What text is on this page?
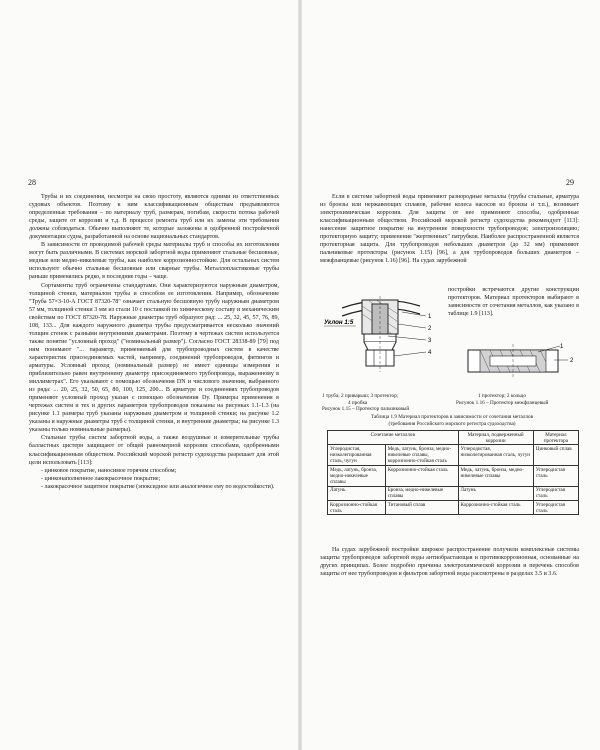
28

Трубы и их соединения, несмотря на свою простоту, являются одними из ответственных судовых объектов. Поэтому к ним классификационным обществам предъявляются определенные требования – по материалу труб, размерам, погибам, скорости потока рабочей среды, защите от коррозии и т.д. В процессе ремонта труб или их замены эти требования должны соблюдаться. Обычно выполняют те, которые заложены в одобренной постройечной документации судна, разработанной на основе национальных стандартов.

В зависимости от проводимой рабочей среды материалы труб и способы их изготовления могут быть различными. В системах морской забортной воды применяют стальные бесшовные, медные или медно-никелевые трубы, как наиболее коррозионностойкие. Для остальных систем используют обычно стальные бесшовные или сварные трубы. Металлопластиковые трубы раньше применялись редко, в последние годы – чаще.

Сортаменты труб ограничены стандартами. Они характеризуются наружным диаметром, толщиной стенки, материалом трубы и способом ее изготовления. Например, обозначение "Труба 57×3-10-А ГОСТ 87320-78" означает стальную бесшовную трубу наружным диаметром 57 мм, толщиной стенки 3 мм из стали 10 с поставкой по химическому составу и механическим свойствам по ГОСТ 87320-78. Наружные диаметры труб образуют ряд: ... 25, 32, 45, 57, 76, 89, 108, 133... Для каждого наружного диаметра трубы предусматривается несколько значений толщин стенок с разными внутренними диаметрами. Поэтому в чертежах систем используется также понятие "условный проход" ("номинальный размер"). Согласно ГОСТ 28338-89 [79] под ним понимают "... параметр, применяемый для трубопроводных систем в качестве характеристик присоединяемых частей, например, соединений трубопроводов, фитингов и арматуры. Условный проход (номинальный размер) не имеет единицы измерения и приблизительно равен внутреннему диаметру присоединяемого трубопровода, выраженному в миллиметрах". Его указывают с помощью обозначения DN и числового значения, выбранного из ряда: ... 20, 25, 32, 50, 65, 80, 100, 125, 200... В арматуре и соединениях трубопроводов применяют условный проход указан с помощью обозначения Dу. Примеры применения в чертежах систем и тех и других параметров трубопроводов показаны на рисунках 1.1-1.3 (на рисунке 1.1 размеры труб указаны наружным диаметром и толщиной стенки; на рисунке 1.2 указаны и наружные диаметры труб с толщиной стенки, и внутренние диаметры; на рисунке 1.3 указаны только номинальные размеры).

Стальные трубы систем забортной воды, а также воздушные и измерительные трубы балластных цистерн защищают от общей равномерной коррозии способами, одобренными классификационным обществом. Российский морской регистр судоходства разрешает для этой цели использовать [113]:

- цинковое покрытие, наносимое горячим способом;
- цинконаполненное лакокрасочное покрытие;
- лакокрасочное защитное покрытие (эпоксидное или аналогичное ему по водостойкости).
29

Если в системе забортной воды применяют разнородные металлы (трубы стальные, арматура из бронзы или нержавеющих сплавов, рабочие колеса насосов из бронзы и т.п.), возникает электрохимическая коррозия. Для защиты от нее применяют способы, одобренные классификационным обществом. Российский морской регистр судоходства рекомендует [113]: нанесение защитное покрытие на внутренние поверхности трубопроводов; электроизоляцию; протекторную защиту; применение "жертвенных" патрубков. Наиболее распространенной является протекторная защита. Для трубопроводов небольших диаметров (до 32 мм) применяют пальчиковые протекторы (рисунок 1.15) [96], а для трубопроводов больших диаметров – межфланцевые (рисунок 1.16) [96]. На судах зарубежной

1
2
3
4
Уклон 1:5

постройки встречаются другие конструкции протекторов. Материал протекторов выбирают в зависимости от сочетания металлов, как указано в таблице 1.9 [113].

1
2
1 труба; 2 приварыш; 3 протектор;
4 пробка
Рисунок 1.15 – Протектор пальчиковый
1 протектор; 2 кольцо
Рисунок 1.16 – Протектор межфланцевый
Таблица 1.9 Материал протекторов в зависимости от сочетания металлов
(требования Российского морского регистра судоходства)
Сочетание металлов		Материал, подверженный коррозии	Материал протектора
Углеродистая, низколегированная сталь, чугун	Медь, латунь, бронза, медно-никелевые сплавы, коррозионно-стойкая сталь	Углеродистая, низколегированная сталь, чугун	Цинковый сплав
Медь, латунь, бронза, медно-никелевые сплавы	Коррозионно-стойкая сталь	Медь, латунь, бронза, медно-никелевые сплавы	Углеродистая сталь
Латунь	Бронза, медно-никелевые сплавы	Латунь	Углеродистая сталь
Коррозионно-стойкая сталь	Титановый сплав	Коррозионно-стойкая сталь	Углеродистая сталь

На судах зарубежной постройки широкое распространение получили комплексные системы защиты трубопроводов забортной воды антиобрастающая и противокоррозионная, основанные на других принципах. Более подробно причины электрохимической коррозии и перечень способов защиты от нее трубопроводов и фильтров забортной воды рассмотрены в разделах 3.5 и 3.6.
